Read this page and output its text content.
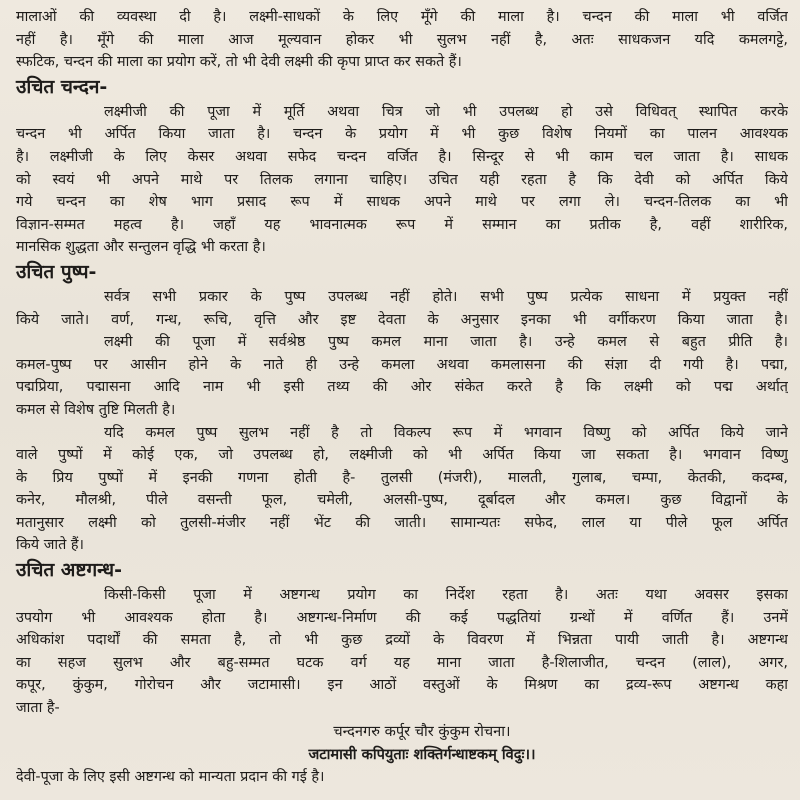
मालाओं की व्यवस्था दी है। लक्ष्मी-साधकों के लिए मूँगे की माला है। चन्दन की माला भी वर्जित
नहीं है। मूँगे की माला आज मूल्यवान होकर भी सुलभ नहीं है, अतः साधकजन यदि कमलगट्टे,
स्फटिक, चन्दन की माला का प्रयोग करें, तो भी देवी लक्ष्मी की कृपा प्राप्त कर सकते हैं।
उचित चन्दन-
लक्ष्मीजी की पूजा में मूर्ति अथवा चित्र जो भी उपलब्ध हो उसे विधिवत् स्थापित करके
चन्दन भी अर्पित किया जाता है। चन्दन के प्रयोग में भी कुछ विशेष नियमों का पालन आवश्यक
है। लक्ष्मीजी के लिए केसर अथवा सफेद चन्दन वर्जित है। सिन्दूर से भी काम चल जाता है। साधक
को स्वयं भी अपने माथे पर तिलक लगाना चाहिए। उचित यही रहता है कि देवी को अर्पित किये
गये चन्दन का शेष भाग प्रसाद रूप में साधक अपने माथे पर लगा ले। चन्दन-तिलक का भी
विज्ञान-सम्मत महत्व है। जहाँ यह भावनात्मक रूप में सम्मान का प्रतीक है, वहीं शारीरिक,
मानसिक शुद्धता और सन्तुलन वृद्धि भी करता है।
उचित पुष्प-
सर्वत्र सभी प्रकार के पुष्प उपलब्ध नहीं होते। सभी पुष्प प्रत्येक साधना में प्रयुक्त नहीं
किये जाते। वर्ण, गन्ध, रूचि, वृत्ति और इष्ट देवता के अनुसार इनका भी वर्गीकरण किया जाता है।
लक्ष्मी की पूजा में सर्वश्रेष्ठ पुष्प कमल माना जाता है। उन्हे कमल से बहुत प्रीति है।
कमल-पुष्प पर आसीन होने के नाते ही उन्हे कमला अथवा कमलासना की संज्ञा दी गयी है। पद्मा,
पद्मप्रिया, पद्मासना आदि नाम भी इसी तथ्य की ओर संकेत करते है कि लक्ष्मी को पद्म अर्थात्
कमल से विशेष तुष्टि मिलती है।
यदि कमल पुष्प सुलभ नहीं है तो विकल्प रूप में भगवान विष्णु को अर्पित किये जाने
वाले पुष्पों में कोई एक, जो उपलब्ध हो, लक्ष्मीजी को भी अर्पित किया जा सकता है। भगवान विष्णु
के प्रिय पुष्पों में इनकी गणना होती है- तुलसी (मंजरी), मालती, गुलाब, चम्पा, केतकी, कदम्ब,
कनेर, मौलश्री, पीले वसन्ती फूल, चमेली, अलसी-पुष्प, दूर्बादल और कमल। कुछ विद्वानों के
मतानुसार लक्ष्मी को तुलसी-मंजीर नहीं भेंट की जाती। सामान्यतः सफेद, लाल या पीले फूल अर्पित
किये जाते हैं।
उचित अष्टगन्ध-
किसी-किसी पूजा में अष्टगन्ध प्रयोग का निर्देश रहता है। अतः यथा अवसर इसका
उपयोग भी आवश्यक होता है। अष्टगन्ध-निर्माण की कई पद्धतियां ग्रन्थों में वर्णित हैं। उनमें
अधिकांश पदार्थों की समता है, तो भी कुछ द्रव्यों के विवरण में भिन्नता पायी जाती है। अष्टगन्ध
का सहज सुलभ और बहु-सम्मत घटक वर्ग यह माना जाता है-शिलाजीत, चन्दन (लाल), अगर,
कपूर, कुंकुम, गोरोचन और जटामासी। इन आठों वस्तुओं के मिश्रण का द्रव्य-रूप अष्टगन्ध कहा
जाता है-
चन्दनगरु कर्पूर चौर कुंकुम रोचना।
जटामासी कपियुताः शक्तिर्गन्धाष्टकम् विदुः।।
देवी-पूजा के लिए इसी अष्टगन्ध को मान्यता प्रदान की गई है।
